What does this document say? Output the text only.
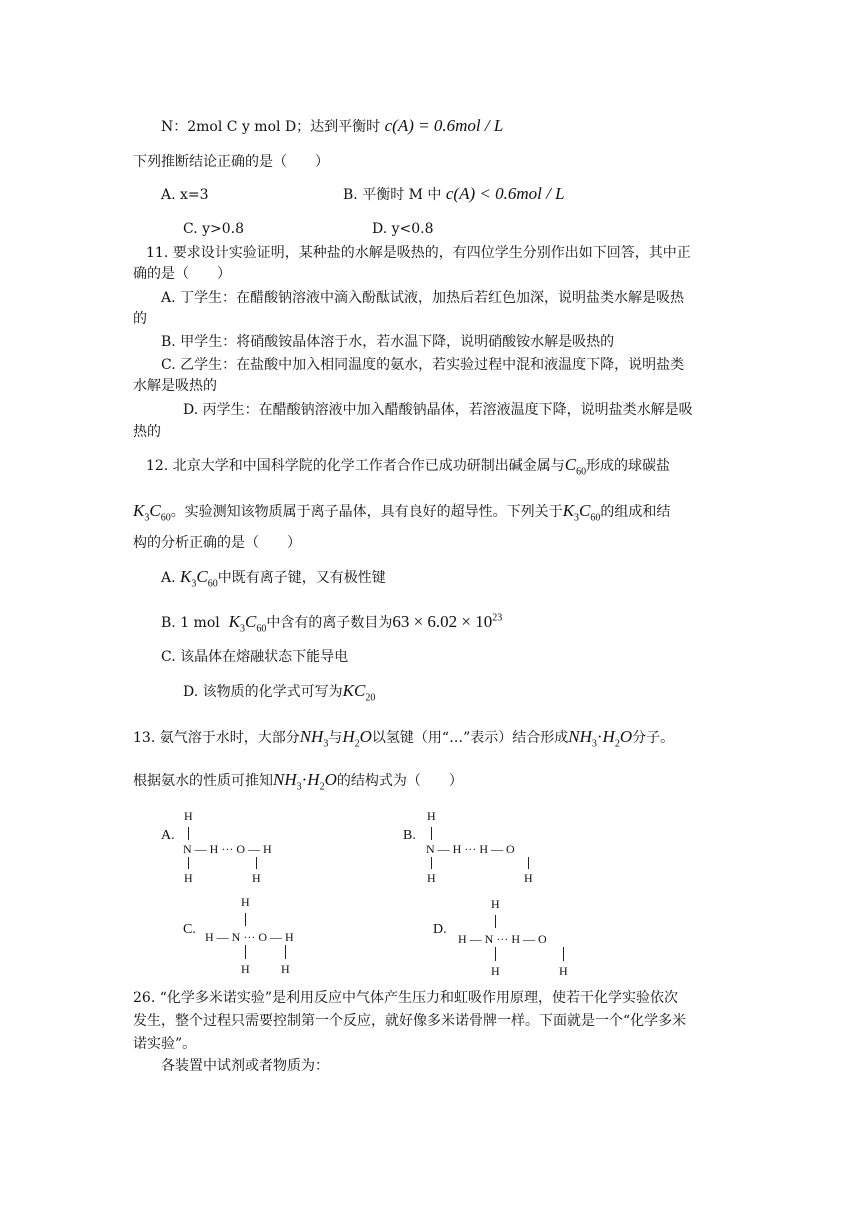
N：2mol C y mol D；达到平衡时 c(A) = 0.6mol / L
下列推断结论正确的是（　　）
A. x=3	B. 平衡时 M 中 c(A) < 0.6mol / L
C. y>0.8	D. y<0.8
11. 要求设计实验证明，某种盐的水解是吸热的，有四位学生分别作出如下回答，其中正
确的是（　　）
A. 丁学生：在醋酸钠溶液中滴入酚酞试液，加热后若红色加深，说明盐类水解是吸热
的
B. 甲学生：将硝酸铵晶体溶于水，若水温下降，说明硝酸铵水解是吸热的
C. 乙学生：在盐酸中加入相同温度的氨水，若实验过程中混和液温度下降，说明盐类
水解是吸热的
D. 丙学生：在醋酸钠溶液中加入醋酸钠晶体，若溶液温度下降，说明盐类水解是吸
热的
12. 北京大学和中国科学院的化学工作者合作已成功研制出碱金属与$C_{60}$形成的球碳盐
$K_3C_{60}$。实验测知该物质属于离子晶体，具有良好的超导性。下列关于$K_3C_{60}$的组成和结
构的分析正确的是（　　）
A. $K_3C_{60}$中既有离子键，又有极性键
B. 1 mol $K_3C_{60}$中含有的离子数目为$63 \times 6.02 \times 10^{23}$
C. 该晶体在熔融状态下能导电
D. 该物质的化学式可写为$KC_{20}$
13. 氨气溶于水时，大部分$NH_3$与$H_2O$以氢键（用“…”表示）结合形成$NH_3\cdot H_2O$分子。
根据氨水的性质可推知$NH_3\cdot H_2O$的结构式为（　　）
A.
H
N — H ··· O — H
H	H
B.
H
N — H ··· H — O
H	H
C.
H
H — N ··· O — H
H	H
D.
H
H — N ··· H — O
H	H
26. “化学多米诺实验”是利用反应中气体产生压力和虹吸作用原理，使若干化学实验依次
发生，整个过程只需要控制第一个反应，就好像多米诺骨牌一样。下面就是一个“化学多米
诺实验”。
各装置中试剂或者物质为：
